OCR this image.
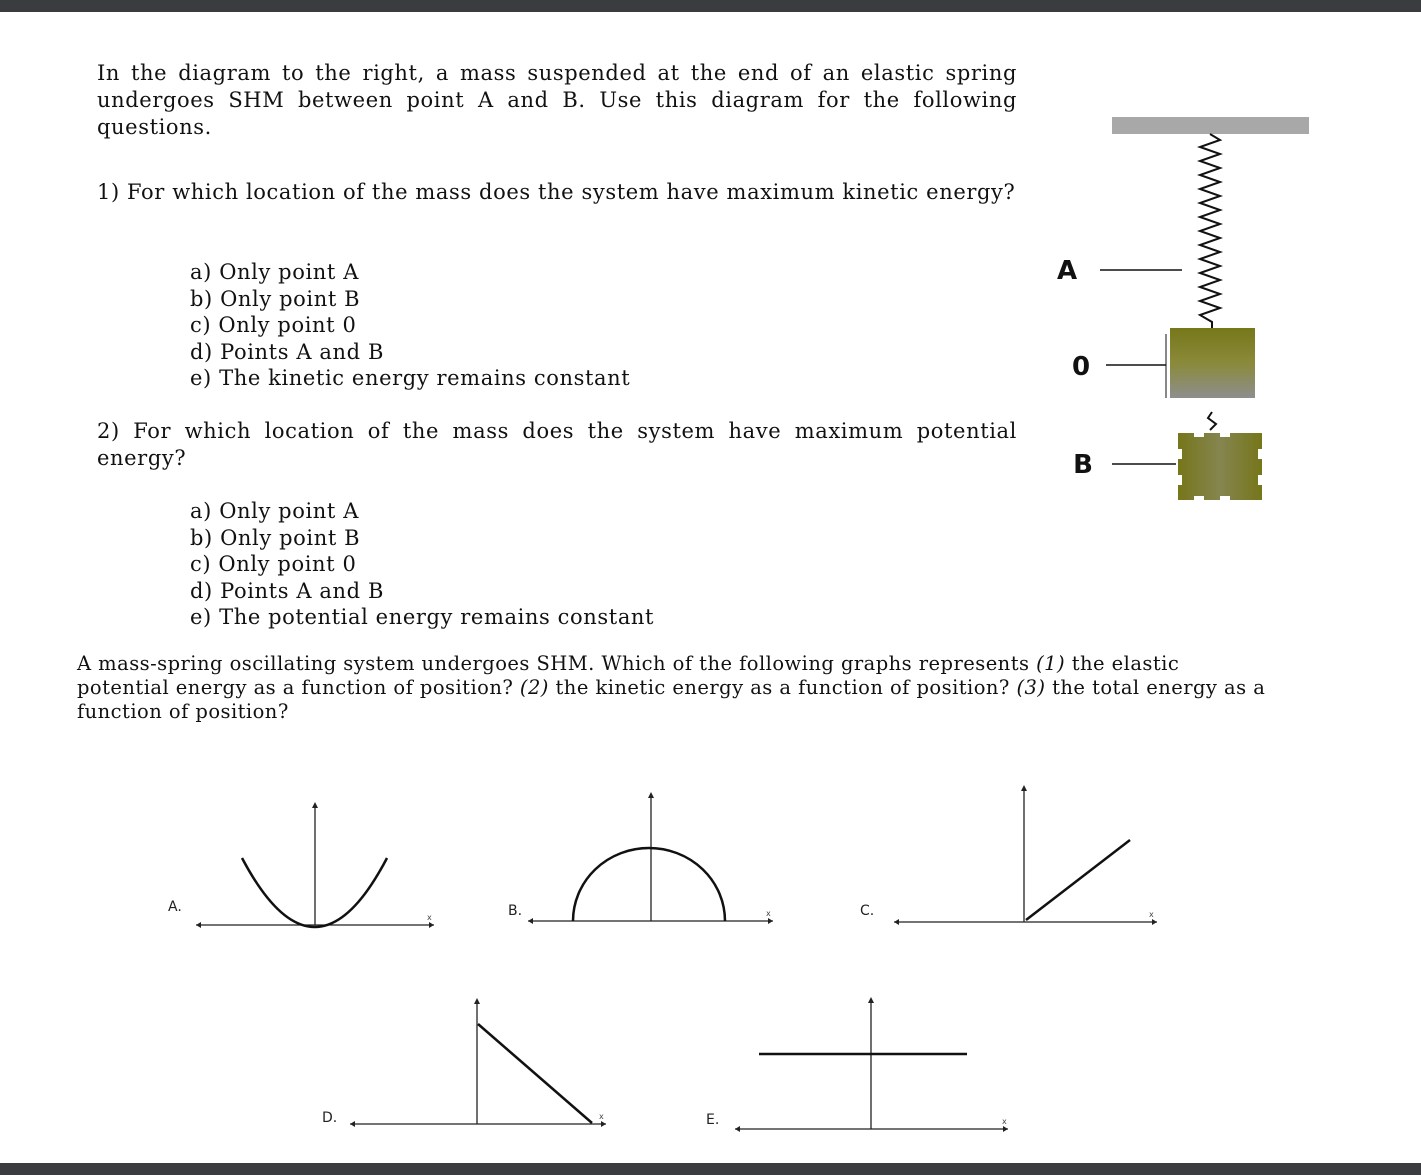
In the diagram to the right, a mass suspended at the end of an elastic spring undergoes SHM between point A and B. Use this diagram for the following questions.
1) For which location of the mass does the system have maximum kinetic energy?
a) Only point A
b) Only point B
c) Only point 0
d) Points A and B
e) The kinetic energy remains constant
2) For which location of the mass does the system have maximum potential energy?
a) Only point A
b) Only point B
c) Only point 0
d) Points A and B
e) The potential energy remains constant
A mass-spring oscillating system undergoes SHM. Which of the following graphs represents (1) the elastic potential energy as a function of position? (2) the kinetic energy as a function of position? (3) the total energy as a function of position?
A
0
B
A.
x	B.	x	C.	x
D.	x	E.	x
